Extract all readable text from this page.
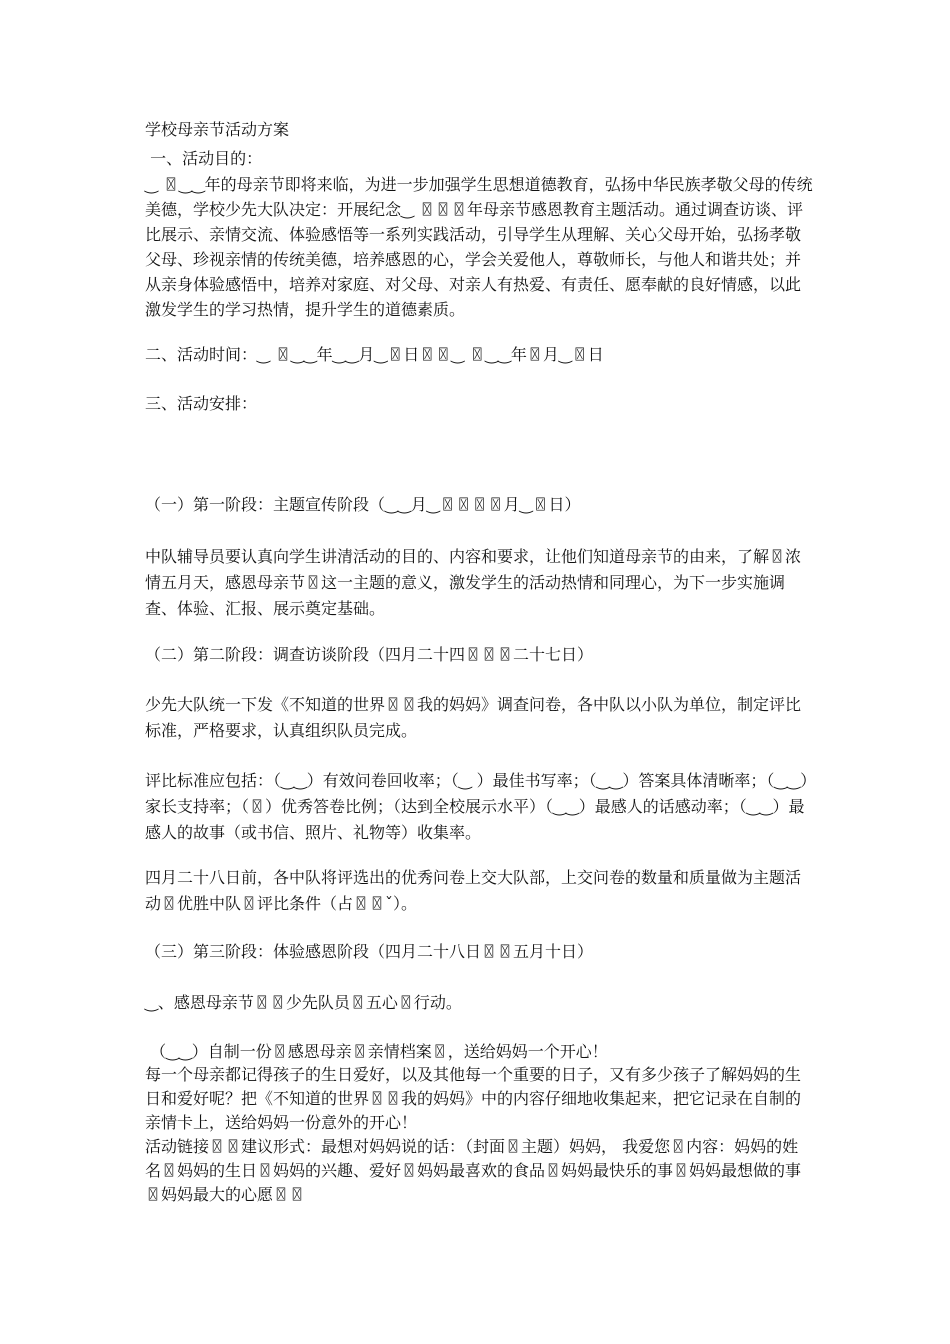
学校母亲节活动方案
一、活动目的：
‿ 〿‿‿年的母亲节即将来临，为进一步加强学生思想道德教育，弘扬中华民族孝敬父母的传统美德，学校少先大队决定：开展纪念‿ 〿〿〿年母亲节感恩教育主题活动。通过调查访谈、评比展示、亲情交流、体验感悟等一系列实践活动，引导学生从理解、关心父母开始，弘扬孝敬父母、珍视亲情的传统美德，培养感恩的心，学会关爱他人，尊敬师长，与他人和谐共处；并从亲身体验感悟中，培养对家庭、对父母、对亲人有热爱、有责任、愿奉献的良好情感，以此激发学生的学习热情，提升学生的道德素质。
二、活动时间：‿ 〿‿‿年‿‿月‿〿日〿〿‿ 〿‿‿年〿月‿〿日
三、活动安排：
（一）第一阶段：主题宣传阶段（‿‿月‿〿〿〿〿月‿〿日）
中队辅导员要认真向学生讲清活动的目的、内容和要求，让他们知道母亲节的由来，了解〿浓情五月天，感恩母亲节〿这一主题的意义，激发学生的活动热情和同理心，为下一步实施调查、体验、汇报、展示奠定基础。
（二）第二阶段：调查访谈阶段（四月二十四〿〿〿二十七日）
少先大队统一下发《不知道的世界〿〿我的妈妈》调查问卷，各中队以小队为单位，制定评比标准，严格要求，认真组织队员完成。
评比标准应包括：（‿‿）有效问卷回收率；（‿ ）最佳书写率；（‿‿）答案具体清晰率；（‿‿）家长支持率；（〿）优秀答卷比例；（达到全校展示水平）（‿‿）最感人的话感动率；（‿‿）最感人的故事（或书信、照片、礼物等）收集率。
四月二十八日前，各中队将评选出的优秀问卷上交大队部，上交问卷的数量和质量做为主题活动〿优胜中队〿评比条件（占〿〿ˇ）。
（三）第三阶段：体验感恩阶段（四月二十八日〿〿五月十日）
‿、感恩母亲节〿〿少先队员〿五心〿行动。
（‿‿）自制一份〿感恩母亲〿亲情档案〿，送给妈妈一个开心！
每一个母亲都记得孩子的生日爱好，以及其他每一个重要的日子，又有多少孩子了解妈妈的生日和爱好呢？把《不知道的世界〿〿我的妈妈》中的内容仔细地收集起来，把它记录在自制的亲情卡上，送给妈妈一份意外的开心！
活动链接〿〿建议形式：最想对妈妈说的话：（封面〿主题）妈妈， 我爱您〿内容：妈妈的姓名〿妈妈的生日〿妈妈的兴趣、爱好〿妈妈最喜欢的食品〿妈妈最快乐的事〿妈妈最想做的事〿妈妈最大的心愿〿〿
